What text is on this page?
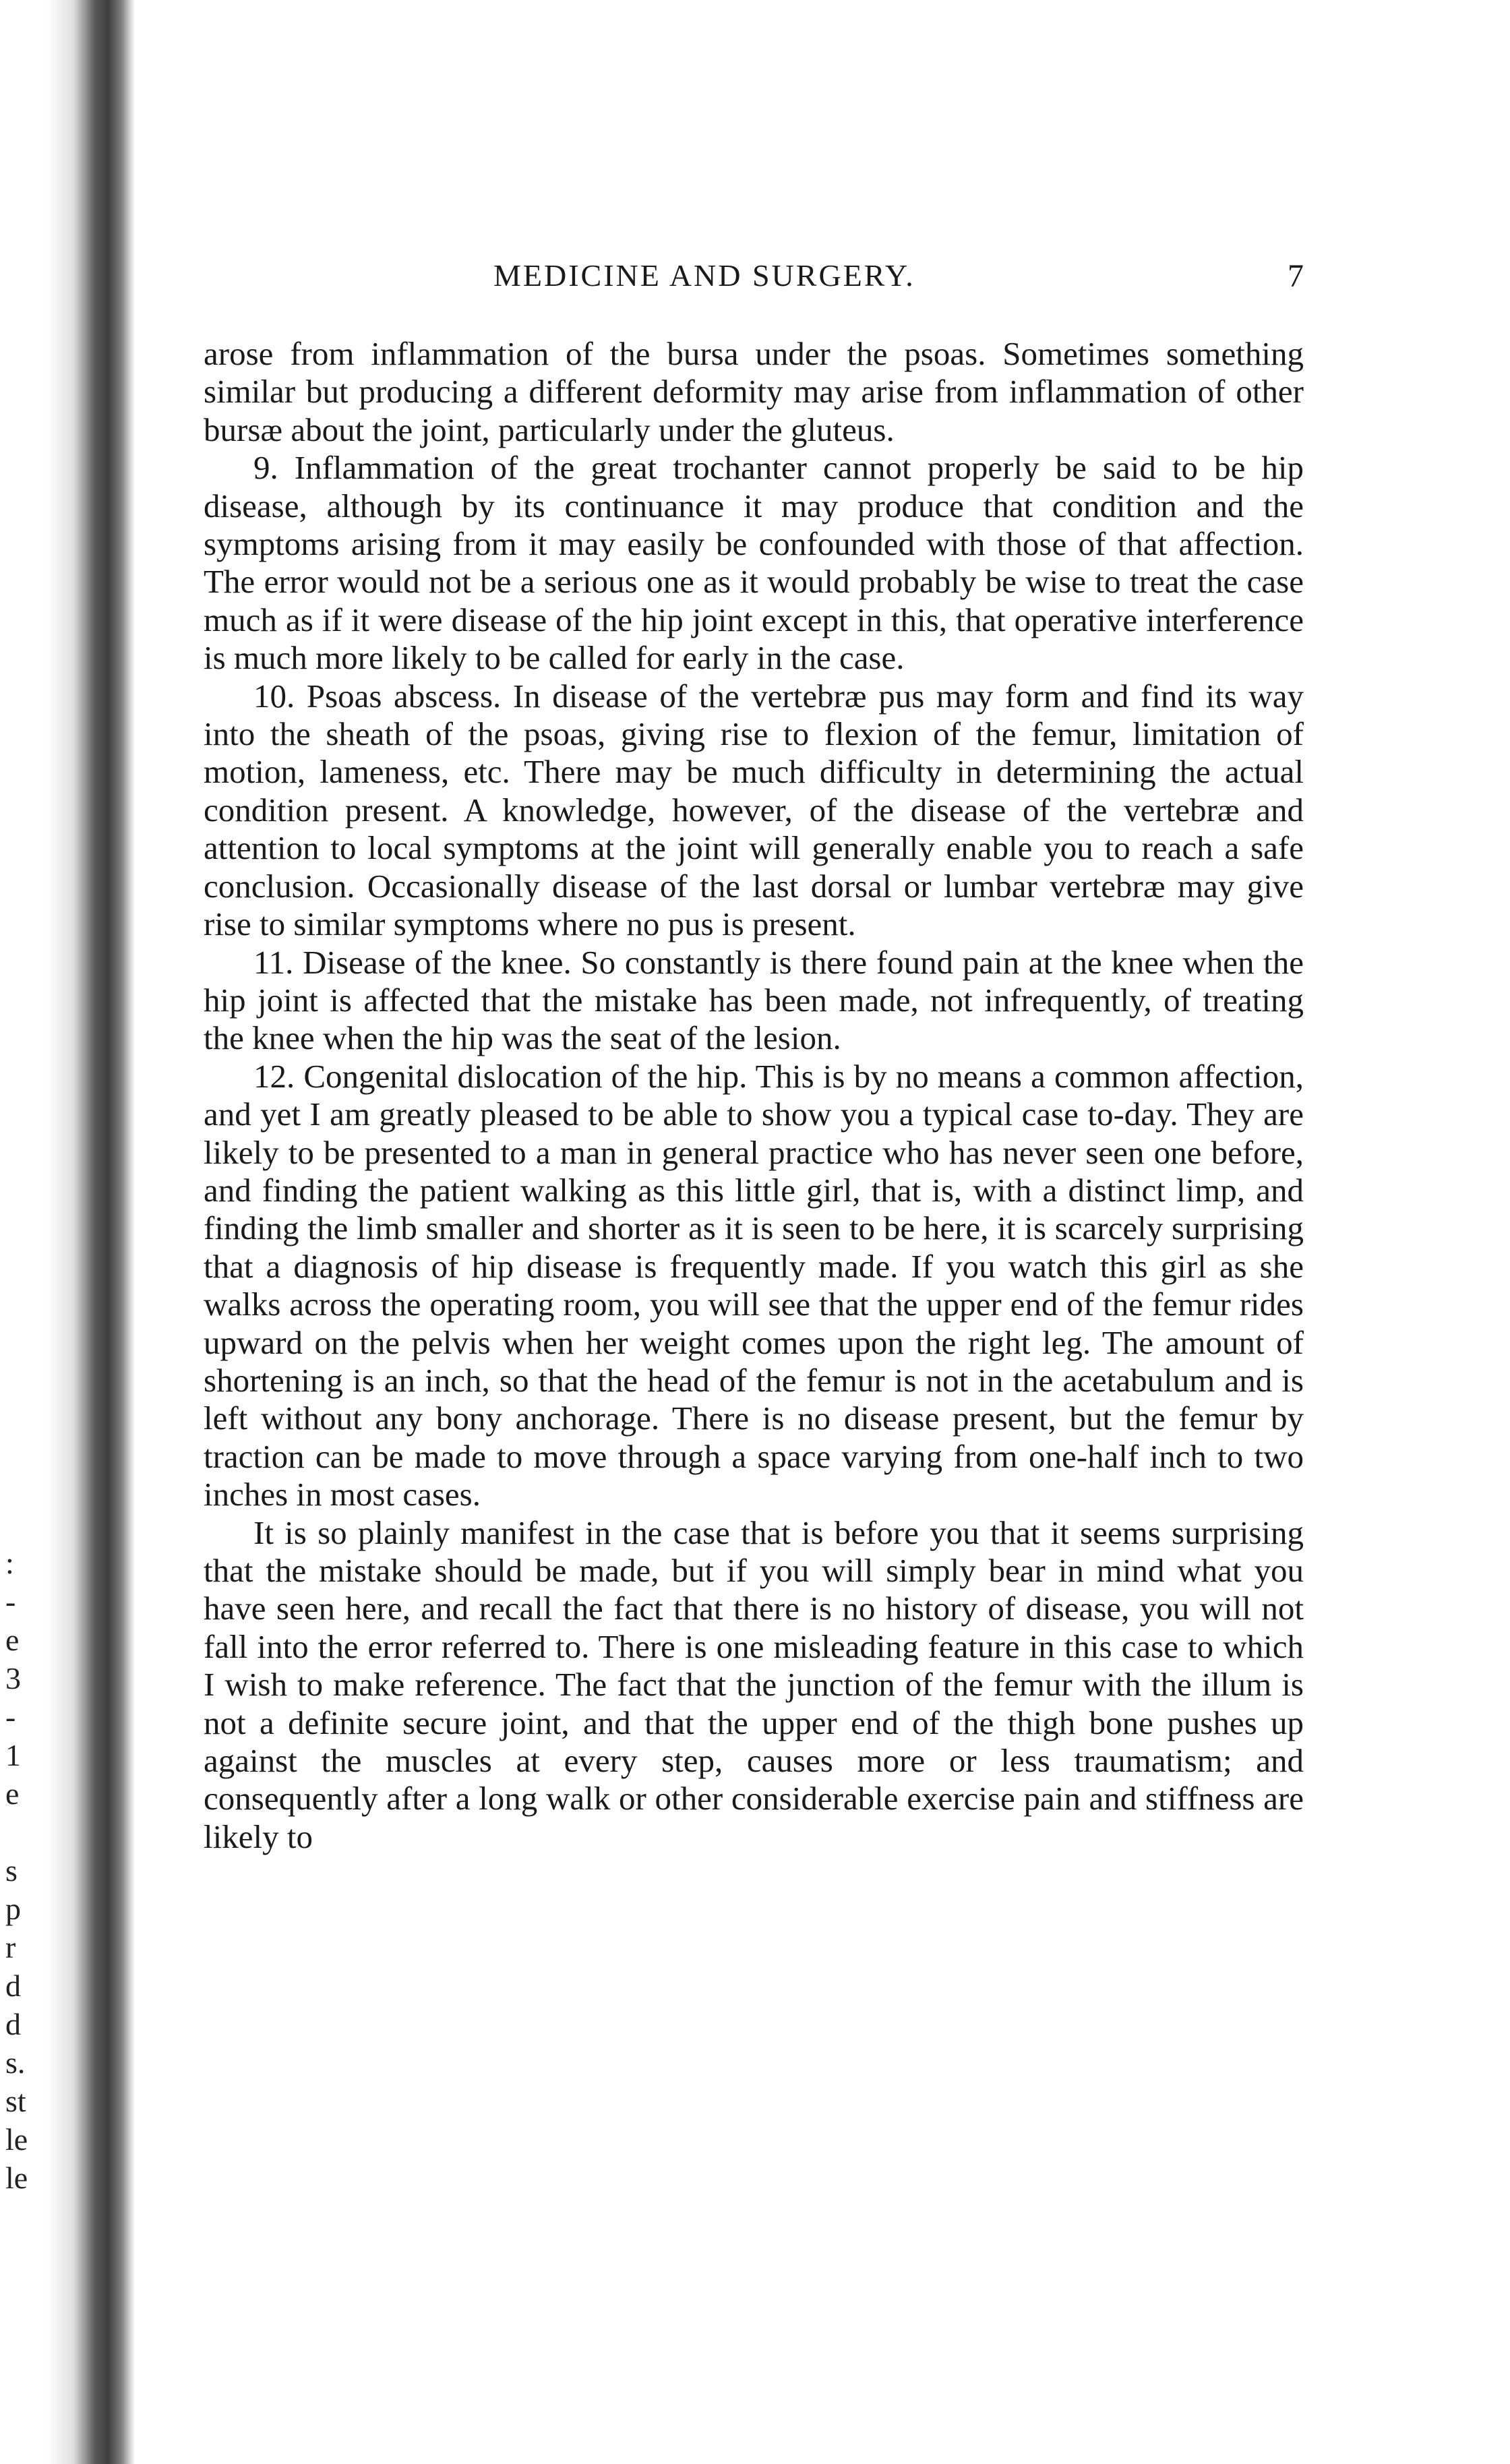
:
-
e
3
-
1
e
s
p
r
d
d
s.
st
le
le
MEDICINE AND SURGERY.	7

arose from inflammation of the bursa under the psoas. Sometimes something similar but producing a different deformity may arise from inflammation of other bursæ about the joint, particularly under the gluteus.

9. Inflammation of the great trochanter cannot properly be said to be hip disease, although by its continuance it may produce that condition and the symptoms arising from it may easily be confounded with those of that affection. The error would not be a serious one as it would probably be wise to treat the case much as if it were disease of the hip joint except in this, that operative interference is much more likely to be called for early in the case.

10. Psoas abscess. In disease of the vertebræ pus may form and find its way into the sheath of the psoas, giving rise to flexion of the femur, limitation of motion, lameness, etc. There may be much difficulty in determining the actual condition present. A knowledge, however, of the disease of the vertebræ and attention to local symptoms at the joint will generally enable you to reach a safe conclusion. Occasionally disease of the last dorsal or lumbar vertebræ may give rise to similar symptoms where no pus is present.

11. Disease of the knee. So constantly is there found pain at the knee when the hip joint is affected that the mistake has been made, not infrequently, of treating the knee when the hip was the seat of the lesion.

12. Congenital dislocation of the hip. This is by no means a common affection, and yet I am greatly pleased to be able to show you a typical case to-day. They are likely to be presented to a man in general practice who has never seen one before, and finding the patient walking as this little girl, that is, with a distinct limp, and finding the limb smaller and shorter as it is seen to be here, it is scarcely surprising that a diagnosis of hip disease is frequently made. If you watch this girl as she walks across the operating room, you will see that the upper end of the femur rides upward on the pelvis when her weight comes upon the right leg. The amount of shortening is an inch, so that the head of the femur is not in the acetabulum and is left without any bony anchorage. There is no disease present, but the femur by traction can be made to move through a space varying from one-half inch to two inches in most cases.

It is so plainly manifest in the case that is before you that it seems surprising that the mistake should be made, but if you will simply bear in mind what you have seen here, and recall the fact that there is no history of disease, you will not fall into the error referred to. There is one misleading feature in this case to which I wish to make reference. The fact that the junction of the femur with the illum is not a definite secure joint, and that the upper end of the thigh bone pushes up against the muscles at every step, causes more or less traumatism; and consequently after a long walk or other considerable exercise pain and stiffness are likely to
